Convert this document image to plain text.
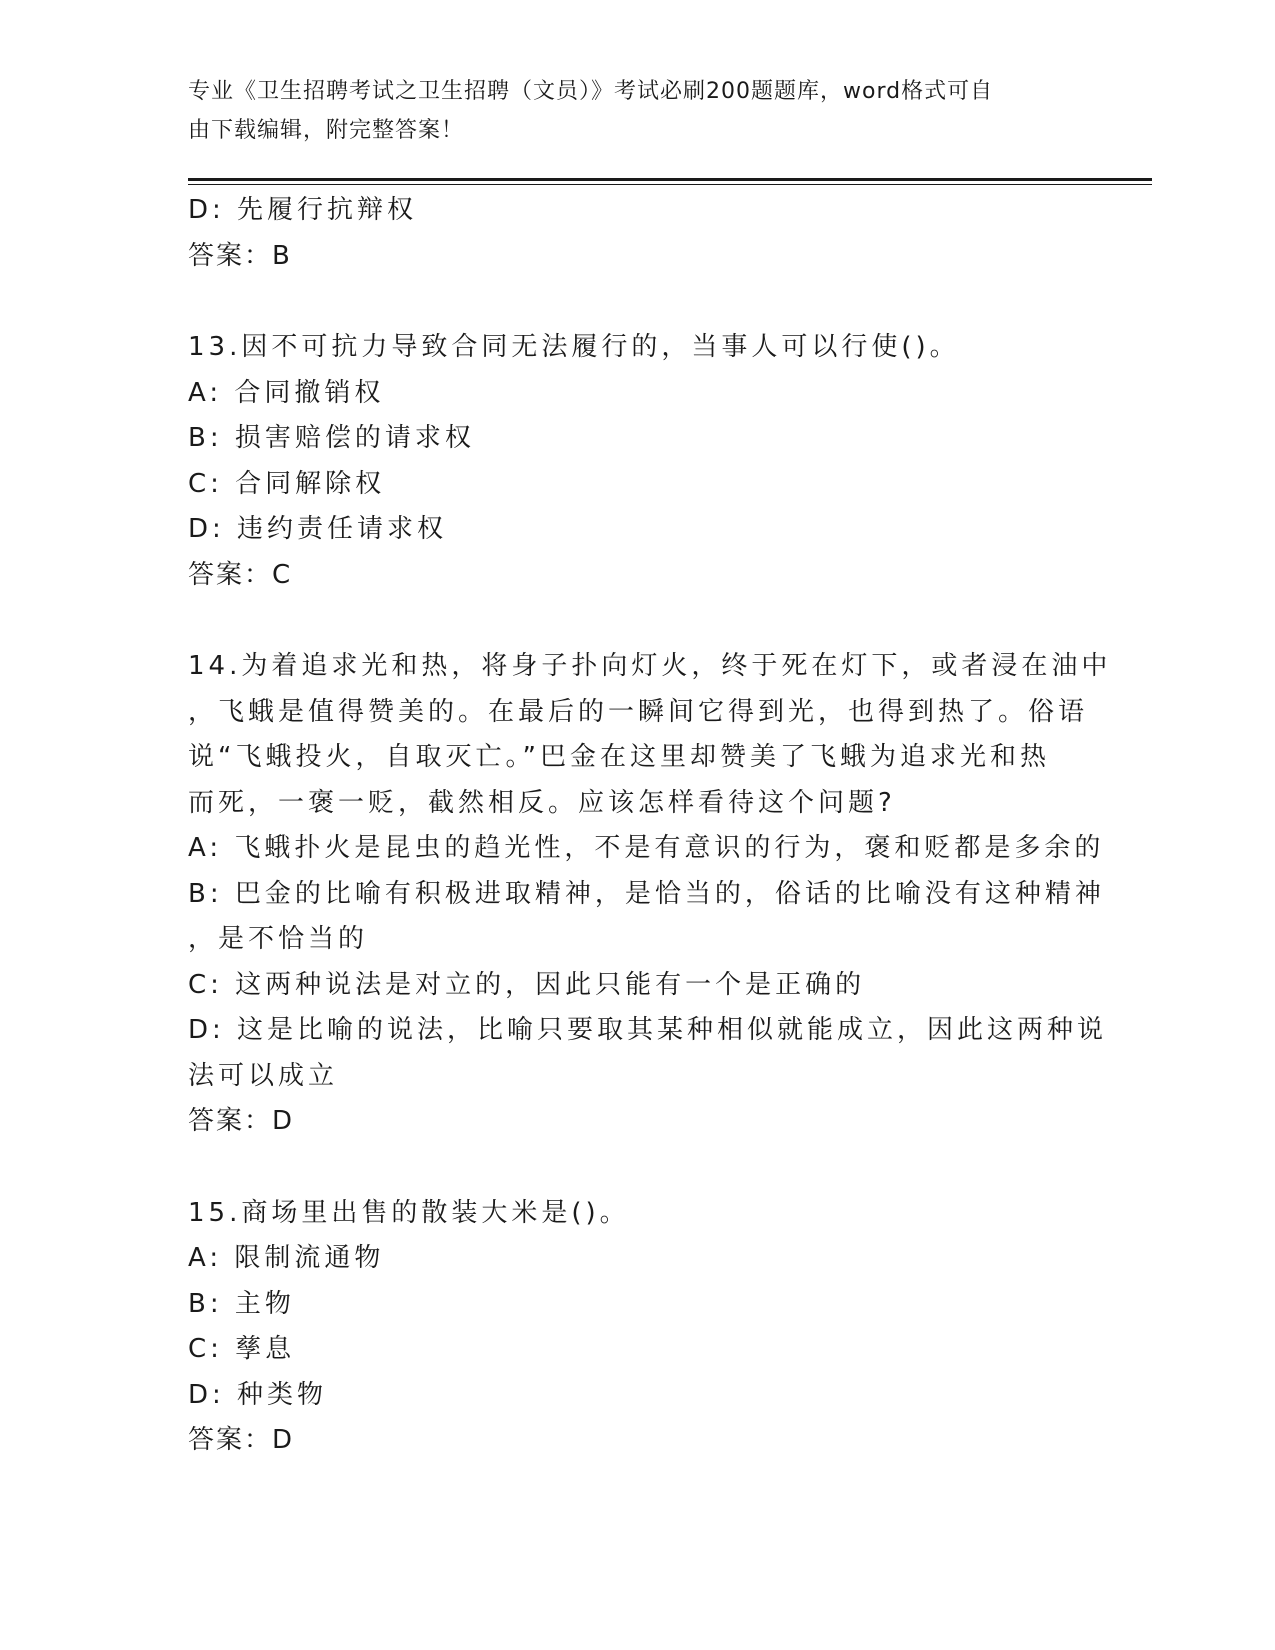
专业《卫生招聘考试之卫生招聘（文员）》考试必刷200题题库，word格式可自
由下载编辑，附完整答案！
D: 先履行抗辩权
答案：B
13.因不可抗力导致合同无法履行的，当事人可以行使()。
A: 合同撤销权
B: 损害赔偿的请求权
C: 合同解除权
D: 违约责任请求权
答案：C
14.为着追求光和热，将身子扑向灯火，终于死在灯下，或者浸在油中
，飞蛾是值得赞美的。在最后的一瞬间它得到光，也得到热了。俗语
说“飞蛾投火，自取灭亡。”巴金在这里却赞美了飞蛾为追求光和热
而死，一褒一贬，截然相反。应该怎样看待这个问题?
A: 飞蛾扑火是昆虫的趋光性，不是有意识的行为，褒和贬都是多余的
B: 巴金的比喻有积极进取精神，是恰当的，俗话的比喻没有这种精神
，是不恰当的
C: 这两种说法是对立的，因此只能有一个是正确的
D: 这是比喻的说法，比喻只要取其某种相似就能成立，因此这两种说
法可以成立
答案：D
15.商场里出售的散装大米是()。
A: 限制流通物
B: 主物
C: 孳息
D: 种类物
答案：D
